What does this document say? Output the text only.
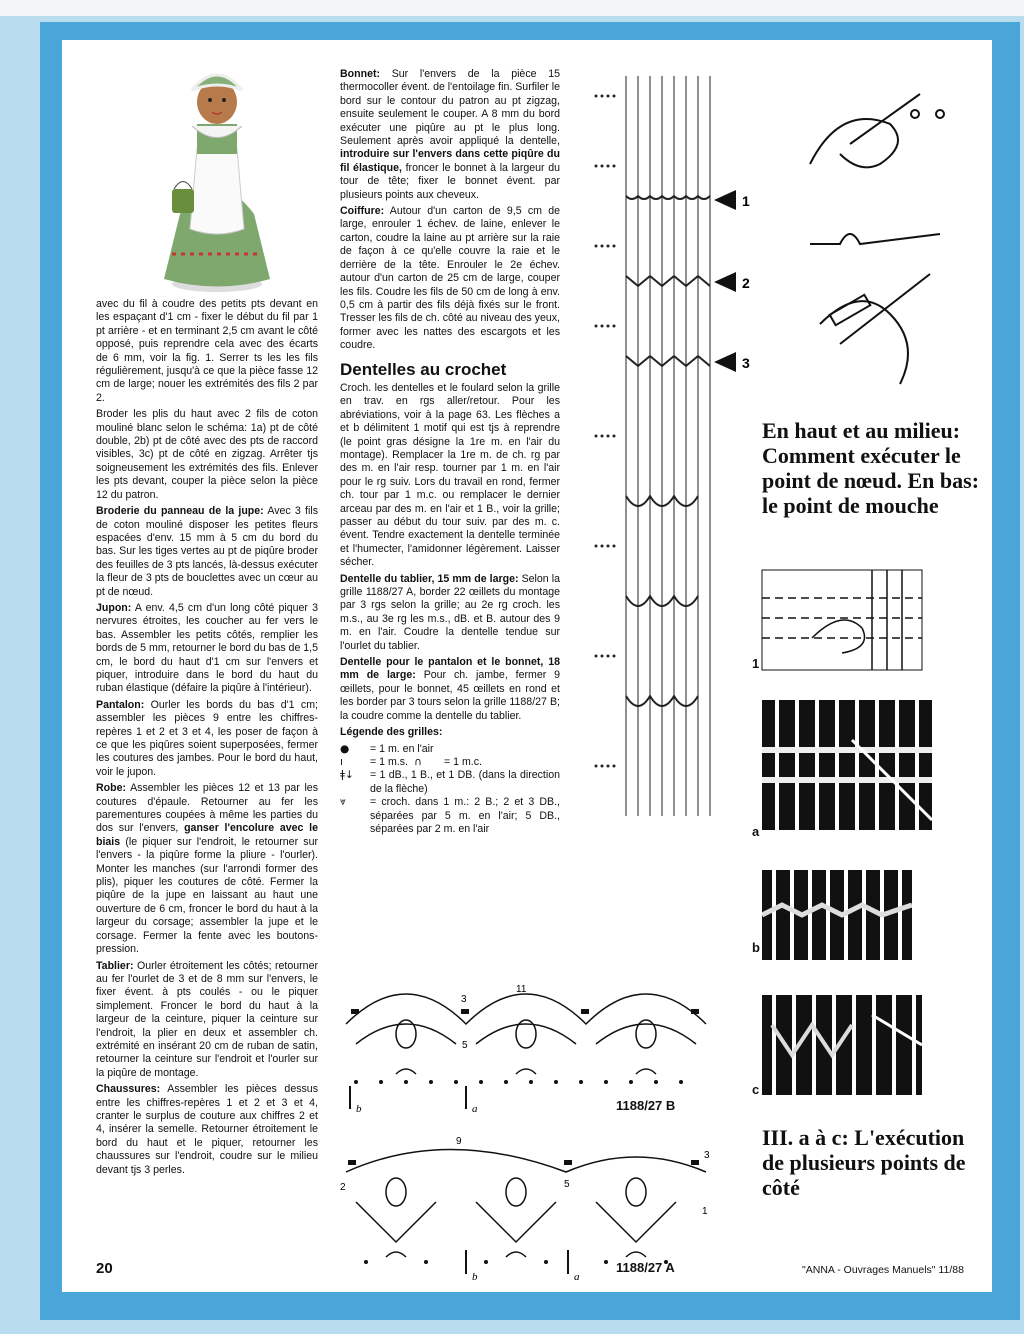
avec du fil à coudre des petits pts devant en les espaçant d'1 cm - fixer le début du fil par 1 pt arrière - et en terminant 2,5 cm avant le côté opposé, puis reprendre cela avec des écarts de 6 mm, voir la fig. 1. Serrer ts les les fils régulièrement, jusqu'à ce que la pièce fasse 12 cm de large; nouer les extrémités des fils 2 par 2.

Broder les plis du haut avec 2 fils de coton mouliné blanc selon le schéma: 1a) pt de côté double, 2b) pt de côté avec des pts de raccord visibles, 3c) pt de côté en zigzag. Arrêter tjs soigneusement les extrémités des fils. Enlever les pts devant, couper la pièce selon la pièce 12 du patron.

Broderie du panneau de la jupe: Avec 3 fils de coton mouliné disposer les petites fleurs espacées d'env. 15 mm à 5 cm du bord du bas. Sur les tiges vertes au pt de piqûre broder des feuilles de 3 pts lancés, là-dessus exécuter la fleur de 3 pts de bouclettes avec un cœur au pt de nœud.

Jupon: A env. 4,5 cm d'un long côté piquer 3 nervures étroites, les coucher au fer vers le bas. Assembler les petits côtés, remplier les bords de 5 mm, retourner le bord du bas de 1,5 cm, le bord du haut d'1 cm sur l'envers et piquer, introduire dans le bord du haut du ruban élastique (défaire la piqûre à l'intérieur).

Pantalon: Ourler les bords du bas d'1 cm; assembler les pièces 9 entre les chiffres-repères 1 et 2 et 3 et 4, les poser de façon à ce que les piqûres soient superposées, fermer les coutures des jambes. Pour le bord du haut, voir le jupon.

Robe: Assembler les pièces 12 et 13 par les coutures d'épaule. Retourner au fer les parementures coupées à même les parties du dos sur l'envers, ganser l'encolure avec le biais (le piquer sur l'endroit, le retourner sur l'envers - la piqûre forme la pliure - l'ourler). Monter les manches (sur l'arrondi former des plis), piquer les coutures de côté. Fermer la piqûre de la jupe en laissant au haut une ouverture de 6 cm, froncer le bord du haut à la largeur du corsage; assembler la jupe et le corsage. Fermer la fente avec les boutons-pression.

Tablier: Ourler étroitement les côtés; retourner au fer l'ourlet de 3 et de 8 mm sur l'envers, le fixer évent. à pts coulés - ou le piquer simplement. Froncer le bord du haut à la largeur de la ceinture, piquer la ceinture sur l'endroit, la plier en deux et assembler ch. extrémité en insérant 20 cm de ruban de satin, retourner la ceinture sur l'endroit et l'ourler sur la piqûre de montage.

Chaussures: Assembler les pièces dessus entre les chiffres-repères 1 et 2 et 3 et 4, cranter le surplus de couture aux chiffres 2 et 4, insérer la semelle. Retourner étroitement le bord du haut et le piquer, retourner les chaussures sur l'endroit, coudre sur le milieu devant tjs 3 perles.

Bonnet: Sur l'envers de la pièce 15 thermocoller évent. de l'entoilage fin. Surfiler le bord sur le contour du patron au pt zigzag, ensuite seulement le couper. A 8 mm du bord exécuter une piqûre au pt le plus long. Seulement après avoir appliqué la dentelle, introduire sur l'envers dans cette piqûre du fil élastique, froncer le bonnet à la largeur du tour de tête; fixer le bonnet évent. par plusieurs points aux cheveux.

Coiffure: Autour d'un carton de 9,5 cm de large, enrouler 1 échev. de laine, enlever le carton, coudre la laine au pt arrière sur la raie de façon à ce qu'elle couvre la raie et le derrière de la tête. Enrouler le 2e échev. autour d'un carton de 25 cm de large, couper les fils. Coudre les fils de 50 cm de long à env. 0,5 cm à partir des fils déjà fixés sur le front. Tresser les fils de ch. côté au niveau des yeux, former avec les nattes des escargots et les coudre.

Dentelles au crochet

Croch. les dentelles et le foulard selon la grille en trav. en rgs aller/retour. Pour les abréviations, voir à la page 63. Les flèches a et b délimitent 1 motif qui est tjs à reprendre (le point gras désigne la 1re m. en l'air du montage). Remplacer la 1re m. de ch. rg par des m. en l'air resp. tourner par 1 m. en l'air pour le rg suiv. Lors du travail en rond, fermer ch. tour par 1 m.c. ou remplacer le dernier arceau par des m. en l'air et 1 B., voir la grille; passer au début du tour suiv. par des m. c. évent. Tendre exactement la dentelle terminée et l'humecter, l'amidonner légèrement. Laisser sécher.

Dentelle du tablier, 15 mm de large: Selon la grille 1188/27 A, border 22 œillets du montage par 3 rgs selon la grille; au 2e rg croch. les m.s., au 3e rg les m.s., dB. et B. autour des 9 m. en l'air. Coudre la dentelle tendue sur l'ourlet du tablier.

Dentelle pour le pantalon et le bonnet, 18 mm de large: Pour ch. jambe, fermer 9 œillets, pour le bonnet, 45 œillets en rond et les border par 3 tours selon la grille 1188/27 B; la coudre comme la dentelle du tablier.

Légende des grilles:

●	= 1 m. en l'air
ı	= 1 m.s. ∩	= 1 m.c.
ǂ↓	= 1 dB., 1 B., et 1 DB. (dans la direction de la flèche)
⩔	= croch. dans 1 m.: 2 B.; 2 et 3 DB., séparées par 5 m. en l'air; 5 DB., séparées par 2 m. en l'air
1
2
3
En haut et au milieu: Comment exécuter le point de nœud. En bas: le point de mouche
1
a
b
c
III. a à c: L'exécution de plusieurs points de côté
11
3
5
b	a	1188/27 B
9
5
2
3
1
b	a
1188/27 A
20	"ANNA - Ouvrages Manuels" 11/88
